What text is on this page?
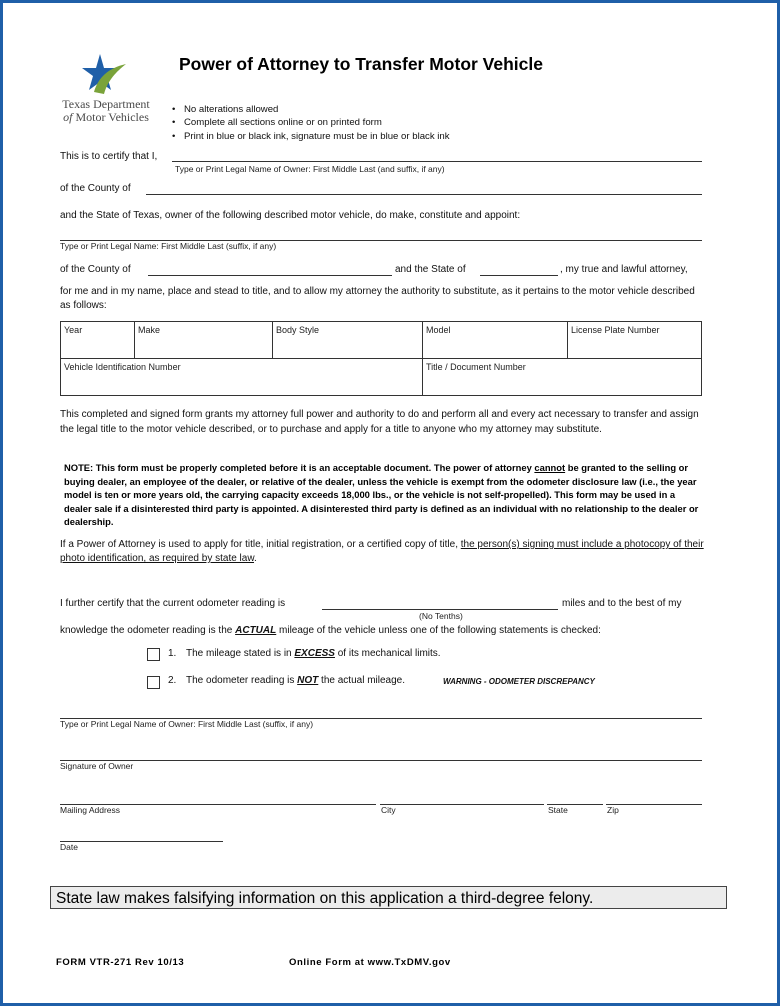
Texas Department
of Motor Vehicles
Power of Attorney to Transfer Motor Vehicle
• No alterations allowed
• Complete all sections online or on printed form
• Print in blue or black ink, signature must be in blue or black ink
This is to certify that I,
Type or Print Legal Name of Owner: First Middle Last (and suffix, if any)
of the County of
and the State of Texas, owner of the following described motor vehicle, do make, constitute and appoint:
Type or Print Legal Name: First Middle Last (suffix, if any)
of the County of	and the State of	, my true and lawful attorney,
for me and in my name, place and stead to title, and to allow my attorney the authority to substitute, as it pertains to the motor vehicle described as follows:
Year	Make	Body Style	Model	License Plate Number
Vehicle Identification Number			Title / Document Number	
This completed and signed form grants my attorney full power and authority to do and perform all and every act necessary to transfer and assign the legal title to the motor vehicle described, or to purchase and apply for a title to anyone who my attorney may substitute.
NOTE: This form must be properly completed before it is an acceptable document. The power of attorney cannot be granted to the selling or buying dealer, an employee of the dealer, or relative of the dealer, unless the vehicle is exempt from the odometer disclosure law (i.e., the year model is ten or more years old, the carrying capacity exceeds 18,000 lbs., or the vehicle is not self-propelled). This form may be used in a dealer sale if a disinterested third party is appointed. A disinterested third party is defined as an individual with no relationship to the dealer or dealership.
If a Power of Attorney is used to apply for title, initial registration, or a certified copy of title, the person(s) signing must include a photocopy of their photo identification, as required by state law.
I further certify that the current odometer reading is
(No Tenths)
miles and to the best of my
knowledge the odometer reading is the ACTUAL mileage of the vehicle unless one of the following statements is checked:
1. The mileage stated is in EXCESS of its mechanical limits.
2. The odometer reading is NOT the actual mileage.	WARNING - ODOMETER DISCREPANCY
Type or Print Legal Name of Owner: First Middle Last (suffix, if any)
Signature of Owner
Mailing Address	City	State	Zip
Date
State law makes falsifying information on this application a third-degree felony.
FORM VTR-271 Rev 10/13	Online Form at www.TxDMV.gov
